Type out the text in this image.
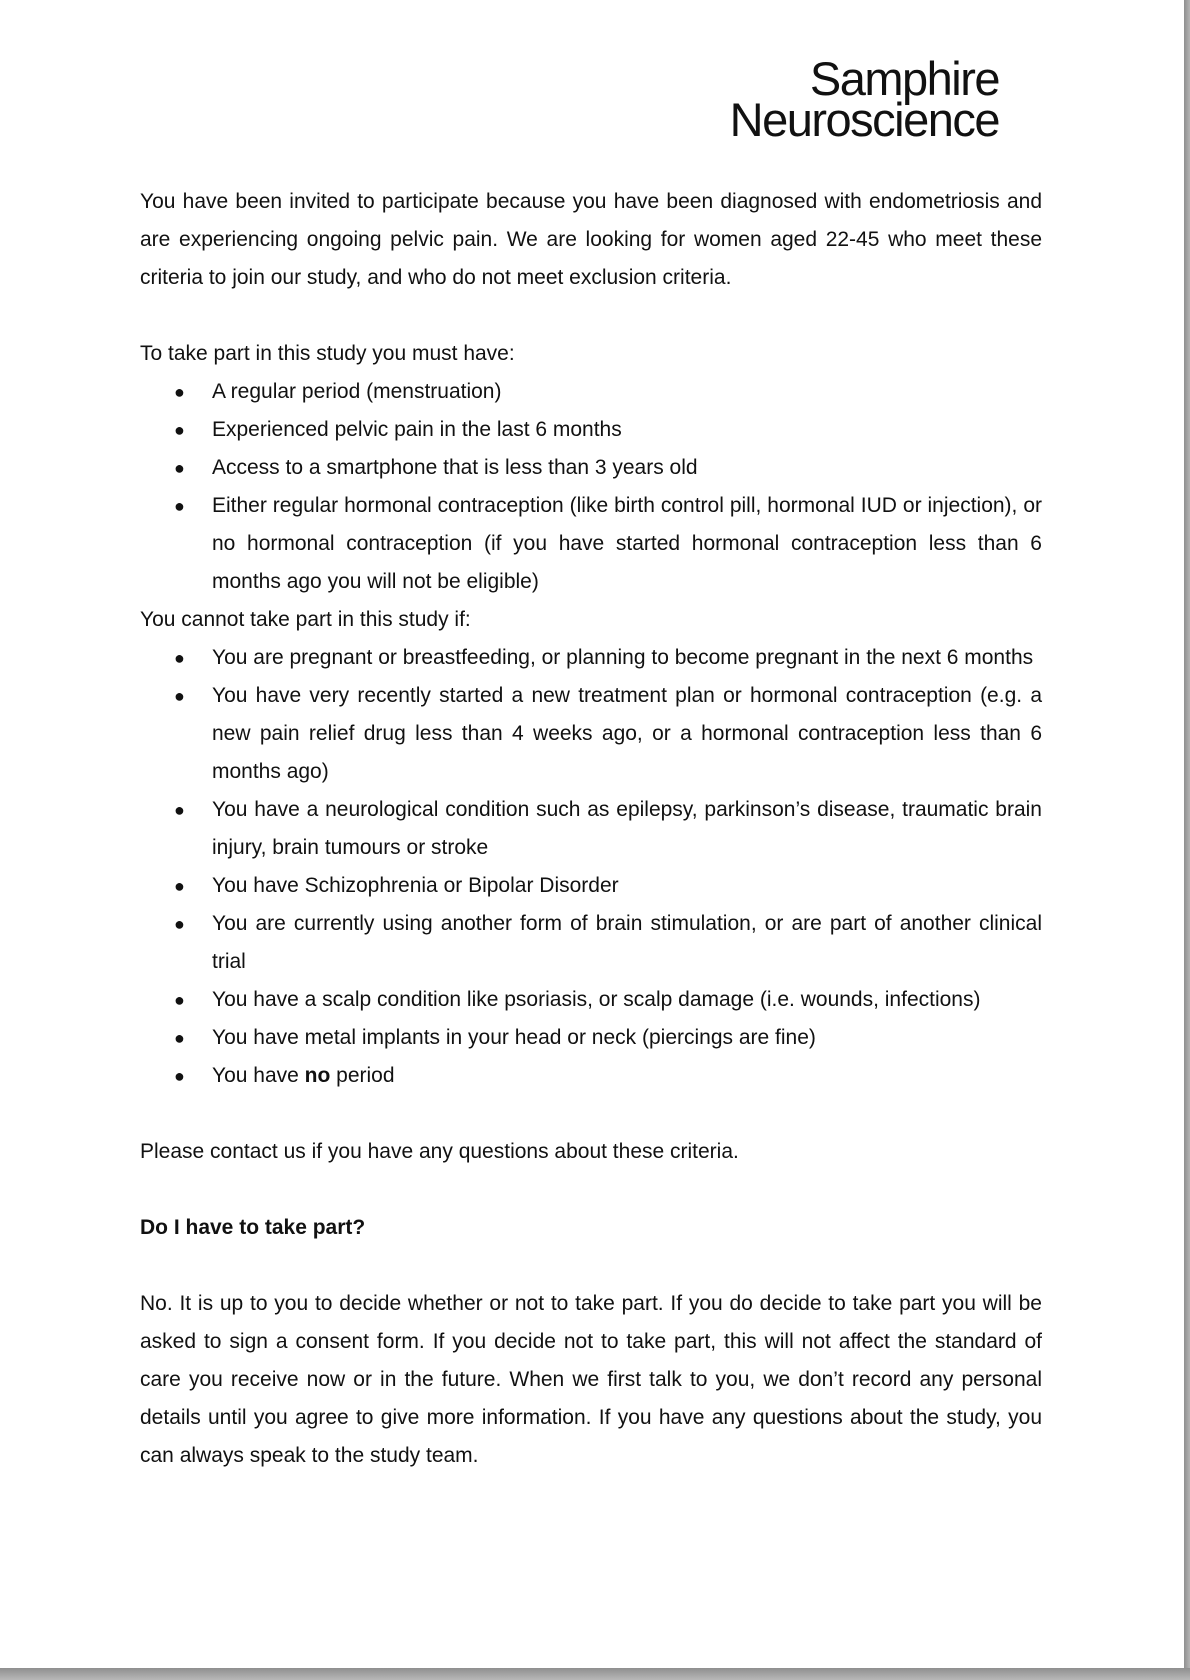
Samphire
Neuroscience

You have been invited to participate because you have been diagnosed with endometriosis and are experiencing ongoing pelvic pain. We are looking for women aged 22-45 who meet these criteria to join our study, and who do not meet exclusion criteria.

To take part in this study you must have:

● A regular period (menstruation)
● Experienced pelvic pain in the last 6 months
● Access to a smartphone that is less than 3 years old
● Either regular hormonal contraception (like birth control pill, hormonal IUD or injection), or no hormonal contraception (if you have started hormonal contraception less than 6 months ago you will not be eligible)

You cannot take part in this study if:

● You are pregnant or breastfeeding, or planning to become pregnant in the next 6 months
● You have very recently started a new treatment plan or hormonal contraception (e.g. a new pain relief drug less than 4 weeks ago, or a hormonal contraception less than 6 months ago)
● You have a neurological condition such as epilepsy, parkinson’s disease, traumatic brain injury, brain tumours or stroke
● You have Schizophrenia or Bipolar Disorder
● You are currently using another form of brain stimulation, or are part of another clinical trial
● You have a scalp condition like psoriasis, or scalp damage (i.e. wounds, infections)
● You have metal implants in your head or neck (piercings are fine)
● You have no period

Please contact us if you have any questions about these criteria.

Do I have to take part?

No. It is up to you to decide whether or not to take part. If you do decide to take part you will be asked to sign a consent form. If you decide not to take part, this will not affect the standard of care you receive now or in the future. When we first talk to you, we don’t record any personal details until you agree to give more information. If you have any questions about the study, you can always speak to the study team.
